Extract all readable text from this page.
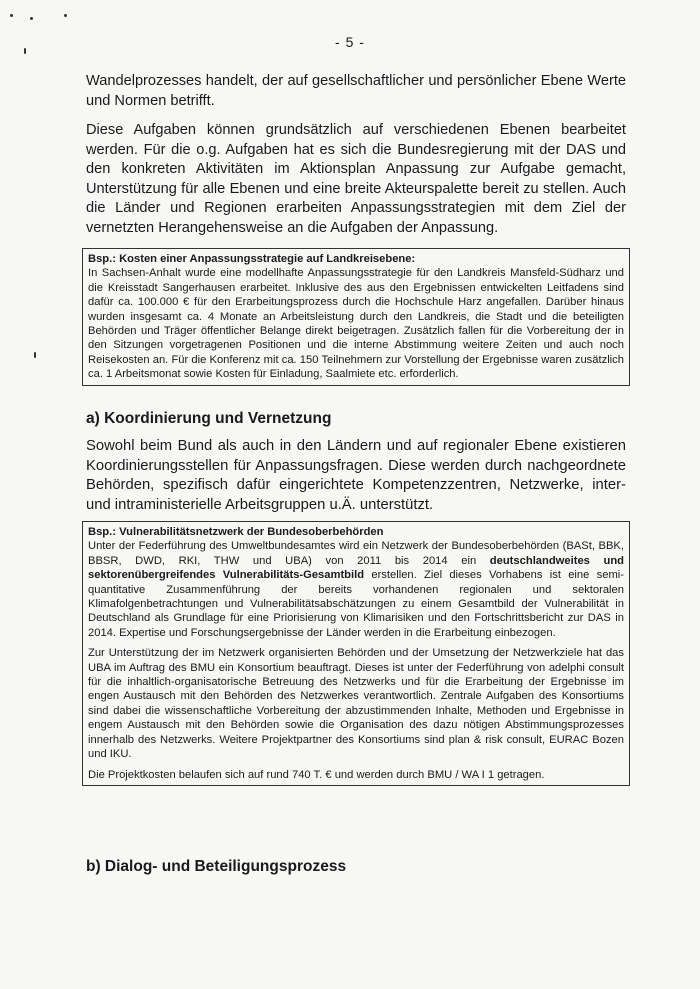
- 5 -

Wandelprozesses handelt, der auf gesellschaftlicher und persönlicher Ebene Werte und Normen betrifft.

Diese Aufgaben können grundsätzlich auf verschiedenen Ebenen bearbeitet werden. Für die o.g. Aufgaben hat es sich die Bundesregierung mit der DAS und den konkreten Aktivitäten im Aktionsplan Anpassung zur Aufgabe gemacht, Unterstützung für alle Ebenen und eine breite Akteurspalette bereit zu stellen. Auch die Länder und Regionen erarbeiten Anpassungsstrategien mit dem Ziel der vernetzten Herangehensweise an die Aufgaben der Anpassung.

Bsp.: Kosten einer Anpassungsstrategie auf Landkreisebene:
In Sachsen-Anhalt wurde eine modellhafte Anpassungsstrategie für den Landkreis Mansfeld-Südharz und die Kreisstadt Sangerhausen erarbeitet. Inklusive des aus den Ergebnissen entwickelten Leitfadens sind dafür ca. 100.000 € für den Erarbeitungsprozess durch die Hochschule Harz angefallen. Darüber hinaus wurden insgesamt ca. 4 Monate an Arbeitsleistung durch den Landkreis, die Stadt und die beteiligten Behörden und Träger öffentlicher Belange direkt beigetragen. Zusätzlich fallen für die Vorbereitung der in den Sitzungen vorgetragenen Positionen und die interne Abstimmung weitere Zeiten und auch noch Reisekosten an. Für die Konferenz mit ca. 150 Teilnehmern zur Vorstellung der Ergebnisse waren zusätzlich ca. 1 Arbeitsmonat sowie Kosten für Einladung, Saalmiete etc. erforderlich.
a) Koordinierung und Vernetzung

Sowohl beim Bund als auch in den Ländern und auf regionaler Ebene existieren Koordinierungsstellen für Anpassungsfragen. Diese werden durch nachgeordnete Behörden, spezifisch dafür eingerichtete Kompetenzzentren, Netzwerke, inter- und intraministerielle Arbeitsgruppen u.Ä. unterstützt.

Bsp.: Vulnerabilitätsnetzwerk der Bundesoberbehörden
Unter der Federführung des Umweltbundesamtes wird ein Netzwerk der Bundesoberbehörden (BASt, BBK, BBSR, DWD, RKI, THW und UBA) von 2011 bis 2014 ein deutschlandweites und sektorenübergreifendes Vulnerabilitäts-Gesamtbild erstellen. Ziel dieses Vorhabens ist eine semi-quantitative Zusammenführung der bereits vorhandenen regionalen und sektoralen Klimafolgenbetrachtungen und Vulnerabilitätsabschätzungen zu einem Gesamtbild der Vulnerabilität in Deutschland als Grundlage für eine Priorisierung von Klimarisiken und den Fortschrittsbericht zur DAS in 2014. Expertise und Forschungsergebnisse der Länder werden in die Erarbeitung einbezogen.

Zur Unterstützung der im Netzwerk organisierten Behörden und der Umsetzung der Netzwerkziele hat das UBA im Auftrag des BMU ein Konsortium beauftragt. Dieses ist unter der Federführung von adelphi consult für die inhaltlich-organisatorische Betreuung des Netzwerks und für die Erarbeitung der Ergebnisse im engen Austausch mit den Behörden des Netzwerkes verantwortlich. Zentrale Aufgaben des Konsortiums sind dabei die wissenschaftliche Vorbereitung der abzustimmenden Inhalte, Methoden und Ergebnisse in engem Austausch mit den Behörden sowie die Organisation des dazu nötigen Abstimmungsprozesses innerhalb des Netzwerks. Weitere Projektpartner des Konsortiums sind plan & risk consult, EURAC Bozen und IKU.

Die Projektkosten belaufen sich auf rund 740 T. € und werden durch BMU / WA I 1 getragen.

b) Dialog- und Beteiligungsprozess
